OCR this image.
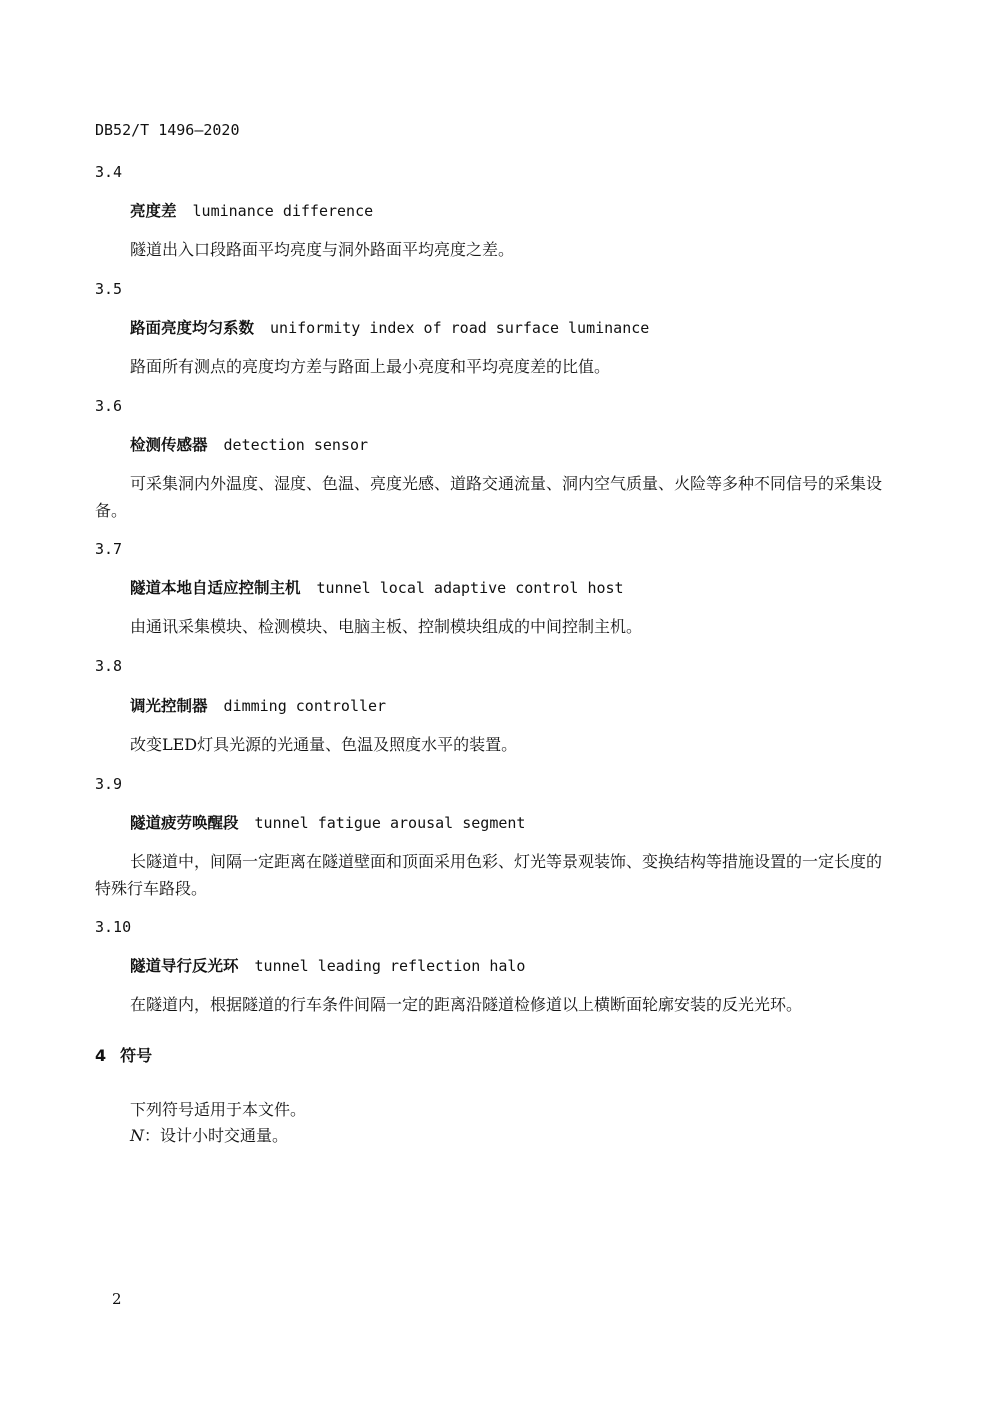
DB52/T 1496—2020
3.4
亮度差 luminance difference
隧道出入口段路面平均亮度与洞外路面平均亮度之差。
3.5
路面亮度均匀系数 uniformity index of road surface luminance
路面所有测点的亮度均方差与路面上最小亮度和平均亮度差的比值。
3.6
检测传感器 detection sensor
可采集洞内外温度、湿度、色温、亮度光感、道路交通流量、洞内空气质量、火险等多种不同信号的采集设备。
3.7
隧道本地自适应控制主机 tunnel local adaptive control host
由通讯采集模块、检测模块、电脑主板、控制模块组成的中间控制主机。
3.8
调光控制器 dimming controller
改变LED灯具光源的光通量、色温及照度水平的装置。
3.9
隧道疲劳唤醒段 tunnel fatigue arousal segment
长隧道中，间隔一定距离在隧道壁面和顶面采用色彩、灯光等景观装饰、变换结构等措施设置的一定长度的特殊行车路段。
3.10
隧道导行反光环 tunnel leading reflection halo
在隧道内，根据隧道的行车条件间隔一定的距离沿隧道检修道以上横断面轮廓安装的反光光环。
4 符号
下列符号适用于本文件。
N：设计小时交通量。
2
